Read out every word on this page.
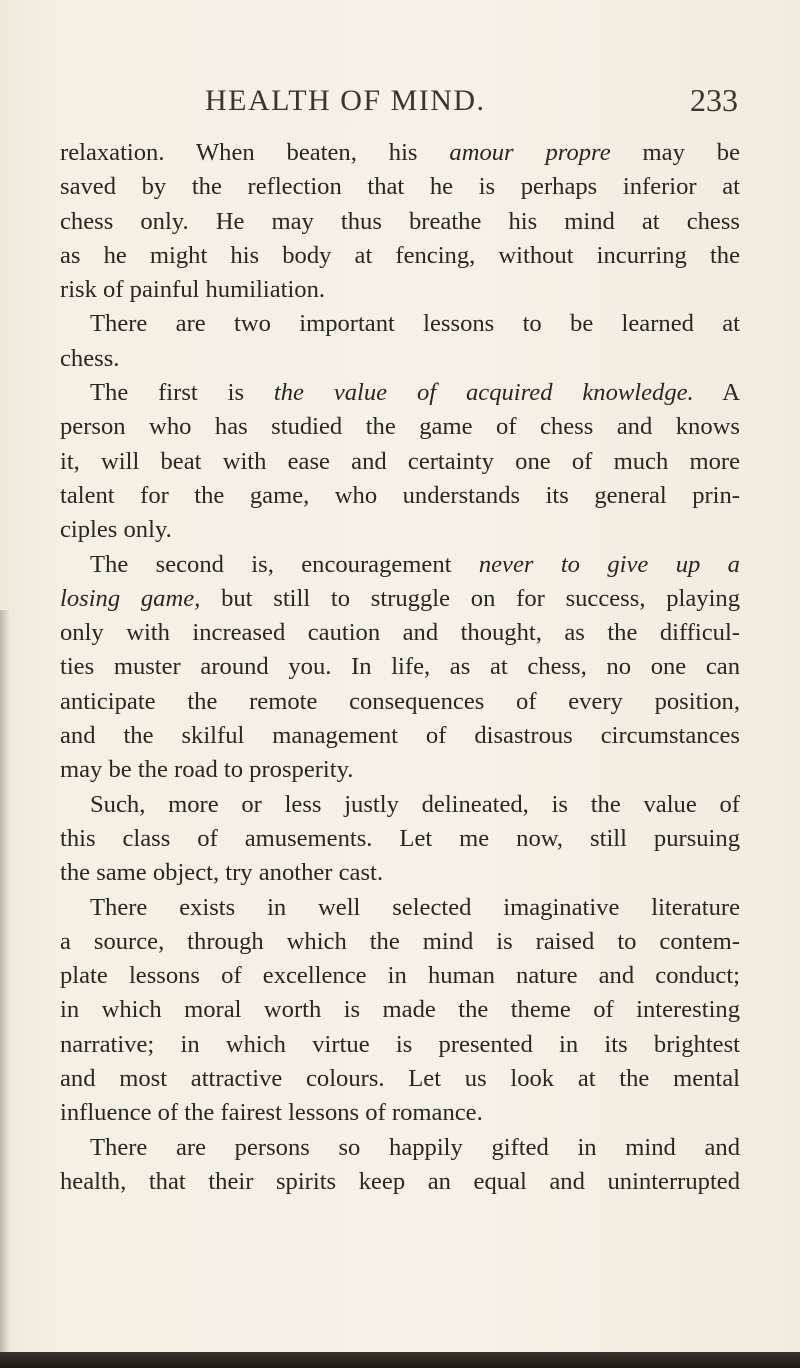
HEALTH OF MIND.	233
relaxation. When beaten, his amour propre may be
saved by the reflection that he is perhaps inferior at
chess only. He may thus breathe his mind at chess
as he might his body at fencing, without incurring the
risk of painful humiliation.
There are two important lessons to be learned at
chess.
The first is the value of acquired knowledge. A
person who has studied the game of chess and knows
it, will beat with ease and certainty one of much more
talent for the game, who understands its general prin-
ciples only.
The second is, encouragement never to give up a
losing game, but still to struggle on for success, playing
only with increased caution and thought, as the difficul-
ties muster around you. In life, as at chess, no one can
anticipate the remote consequences of every position,
and the skilful management of disastrous circumstances
may be the road to prosperity.
Such, more or less justly delineated, is the value of
this class of amusements. Let me now, still pursuing
the same object, try another cast.
There exists in well selected imaginative literature
a source, through which the mind is raised to contem-
plate lessons of excellence in human nature and conduct;
in which moral worth is made the theme of interesting
narrative; in which virtue is presented in its brightest
and most attractive colours. Let us look at the mental
influence of the fairest lessons of romance.
There are persons so happily gifted in mind and
health, that their spirits keep an equal and uninterrupted
